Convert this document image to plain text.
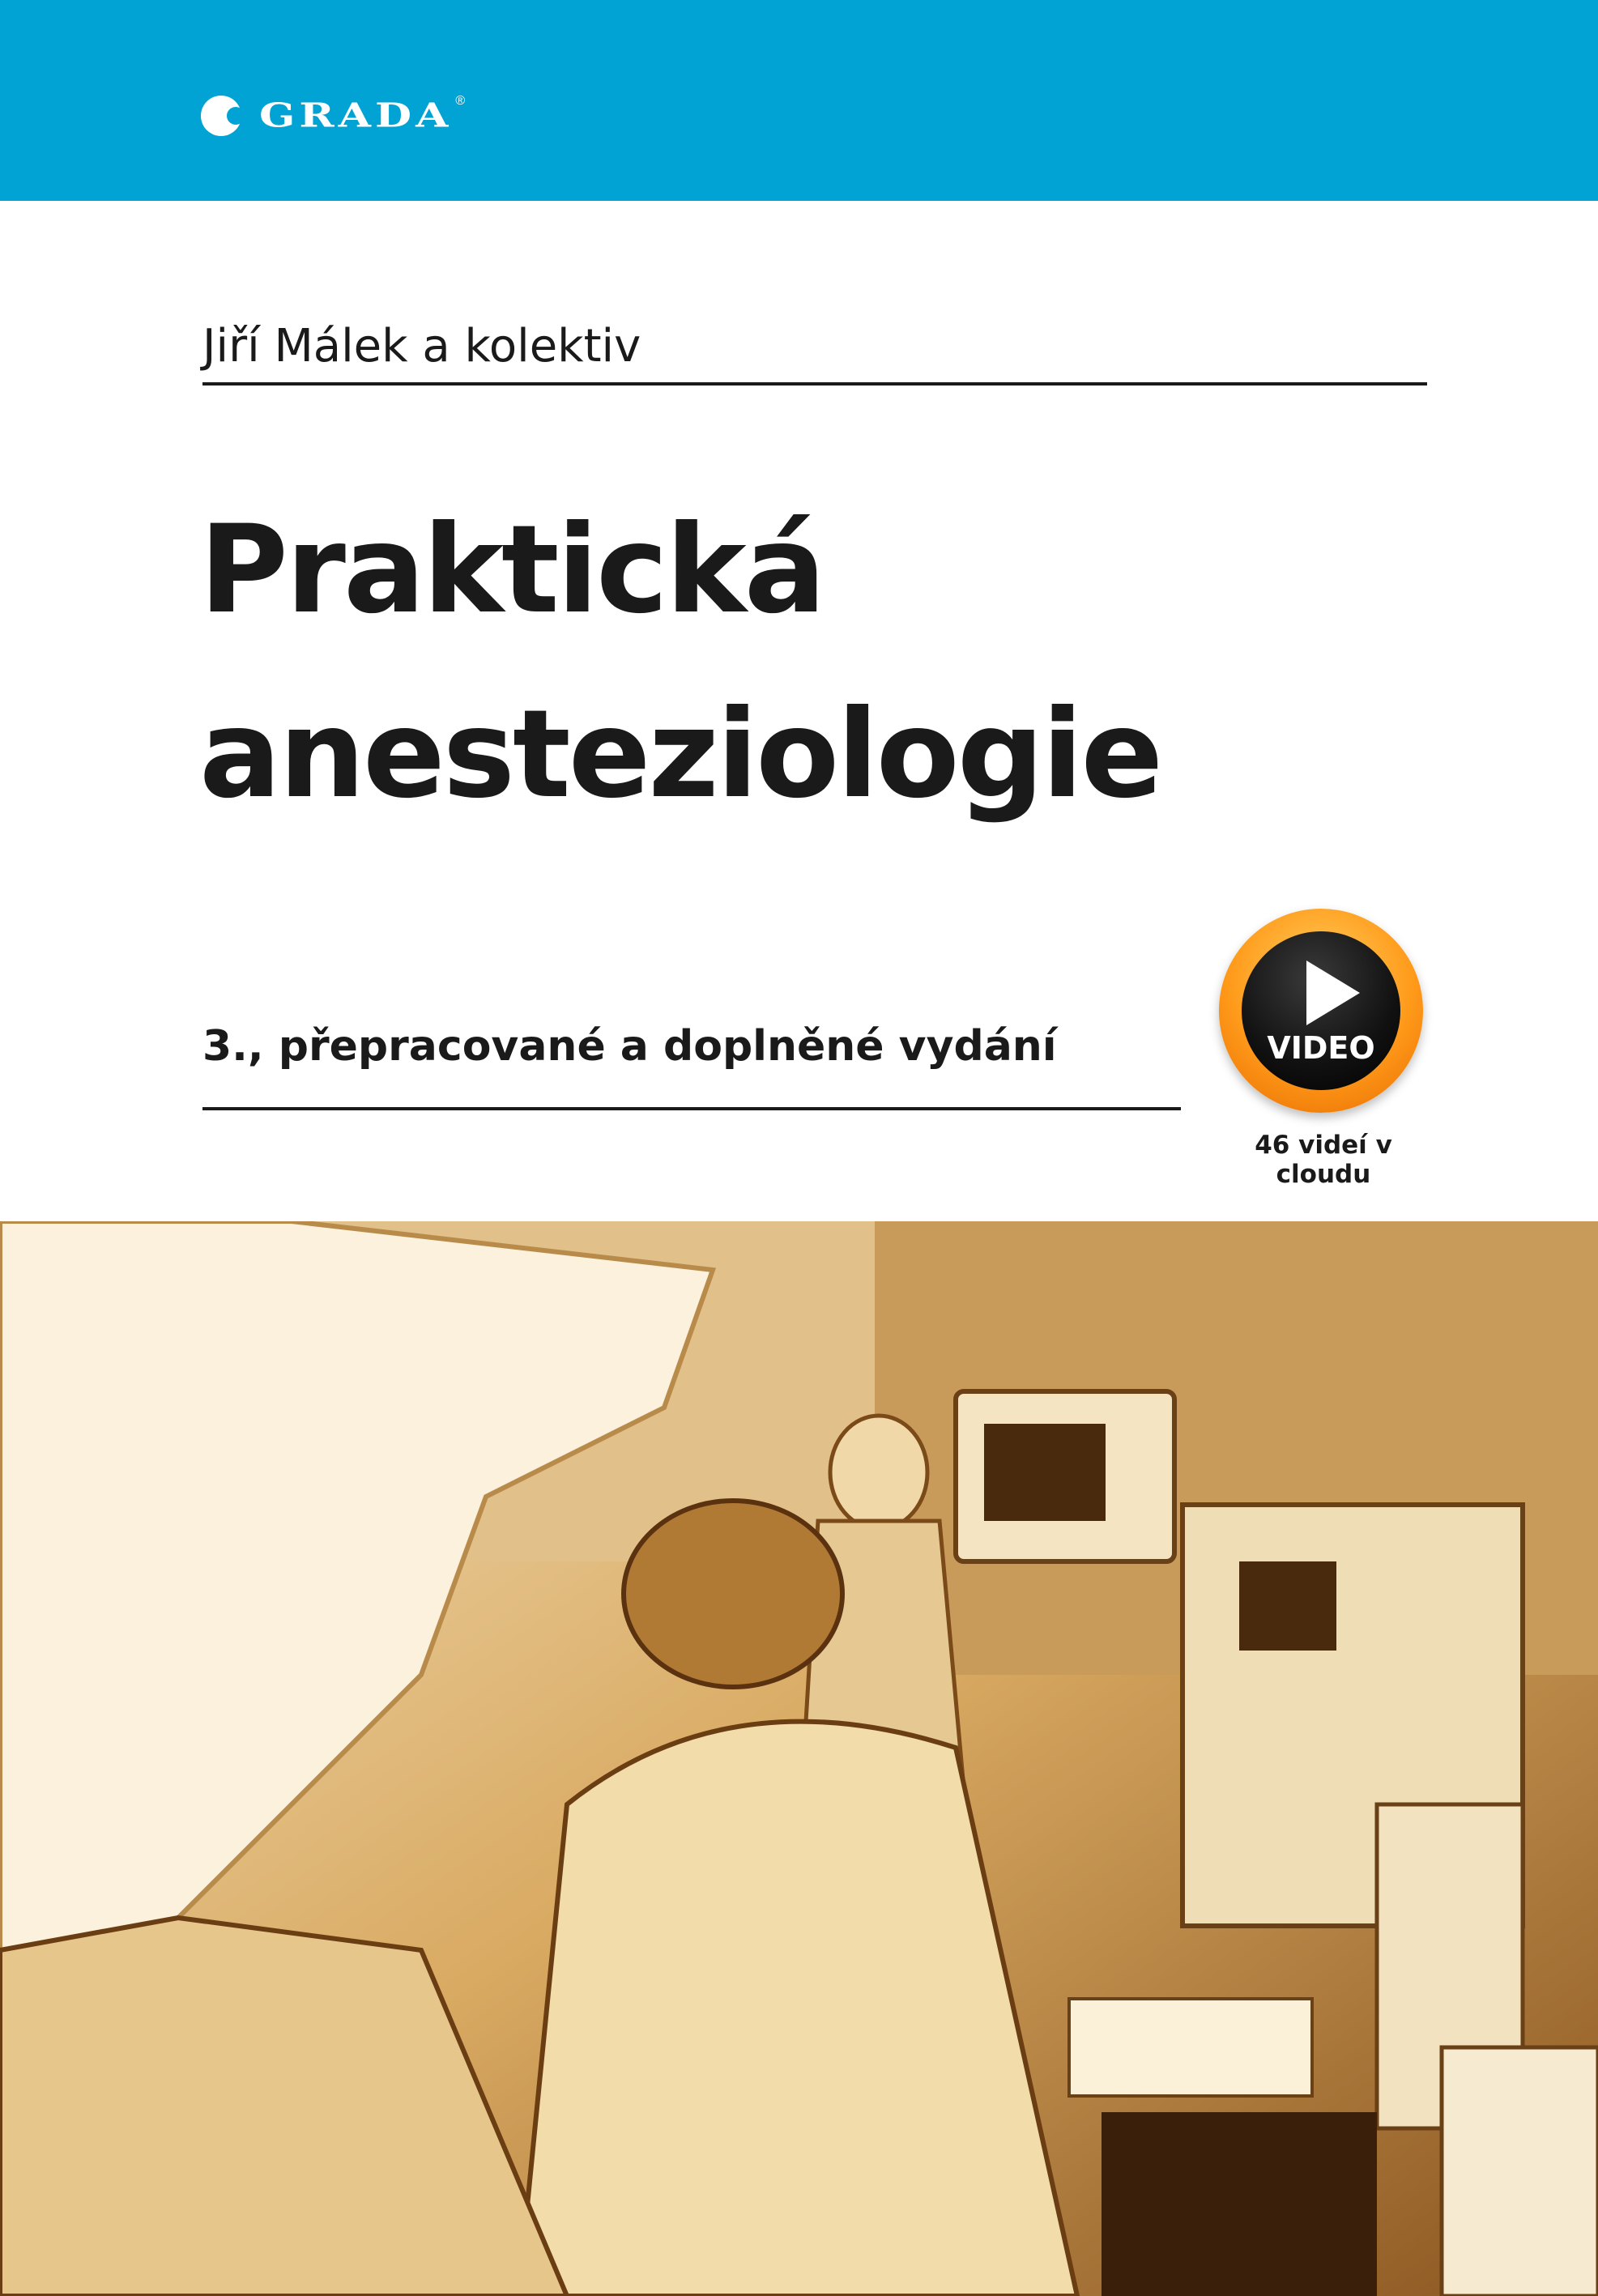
GRADA ®
Jiří Málek a kolektiv
Praktická
anesteziologie
3., přepracované a doplněné vydání	VIDEO
46 videí v cloudu
